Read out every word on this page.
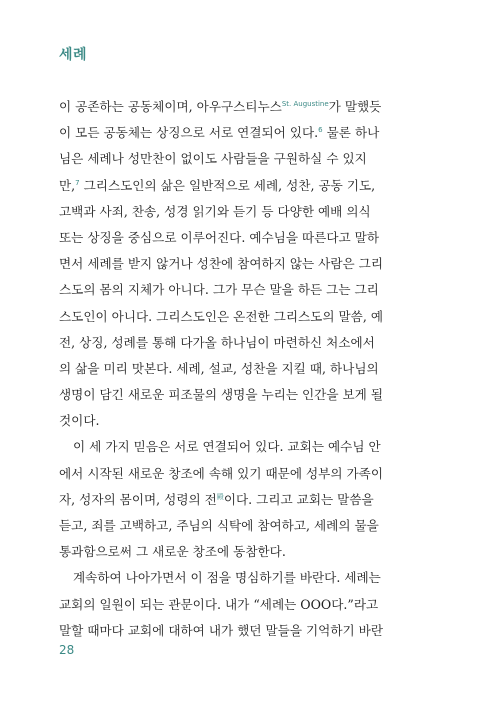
세례
이 공존하는 공동체이며, 아우구스티누스$^{St. Augustine}$가 말했듯
이 모든 공동체는 상징으로 서로 연결되어 있다.$^6$ 물론 하나
님은 세례나 성만찬이 없이도 사람들을 구원하실 수 있지
만,$^7$ 그리스도인의 삶은 일반적으로 세례, 성찬, 공동 기도,
고백과 사죄, 찬송, 성경 읽기와 듣기 등 다양한 예배 의식
또는 상징을 중심으로 이루어진다. 예수님을 따른다고 말하
면서 세례를 받지 않거나 성찬에 참여하지 않는 사람은 그리
스도의 몸의 지체가 아니다. 그가 무슨 말을 하든 그는 그리
스도인이 아니다. 그리스도인은 온전한 그리스도의 말씀, 예
전, 상징, 성례를 통해 다가올 하나님이 마련하신 처소에서
의 삶을 미리 맛본다. 세례, 설교, 성찬을 지킬 때, 하나님의
생명이 담긴 새로운 피조물의 생명을 누리는 인간을 보게 될
것이다.
이 세 가지 믿음은 서로 연결되어 있다. 교회는 예수님 안
에서 시작된 새로운 창조에 속해 있기 때문에 성부의 가족이
자, 성자의 몸이며, 성령의 전$^殿$이다. 그리고 교회는 말씀을
듣고, 죄를 고백하고, 주님의 식탁에 참여하고, 세례의 물을
통과함으로써 그 새로운 창조에 동참한다.
계속하여 나아가면서 이 점을 명심하기를 바란다. 세례는
교회의 일원이 되는 관문이다. 내가 “세례는 OOO다.”라고
말할 때마다 교회에 대하여 내가 했던 말들을 기억하기 바란
28
